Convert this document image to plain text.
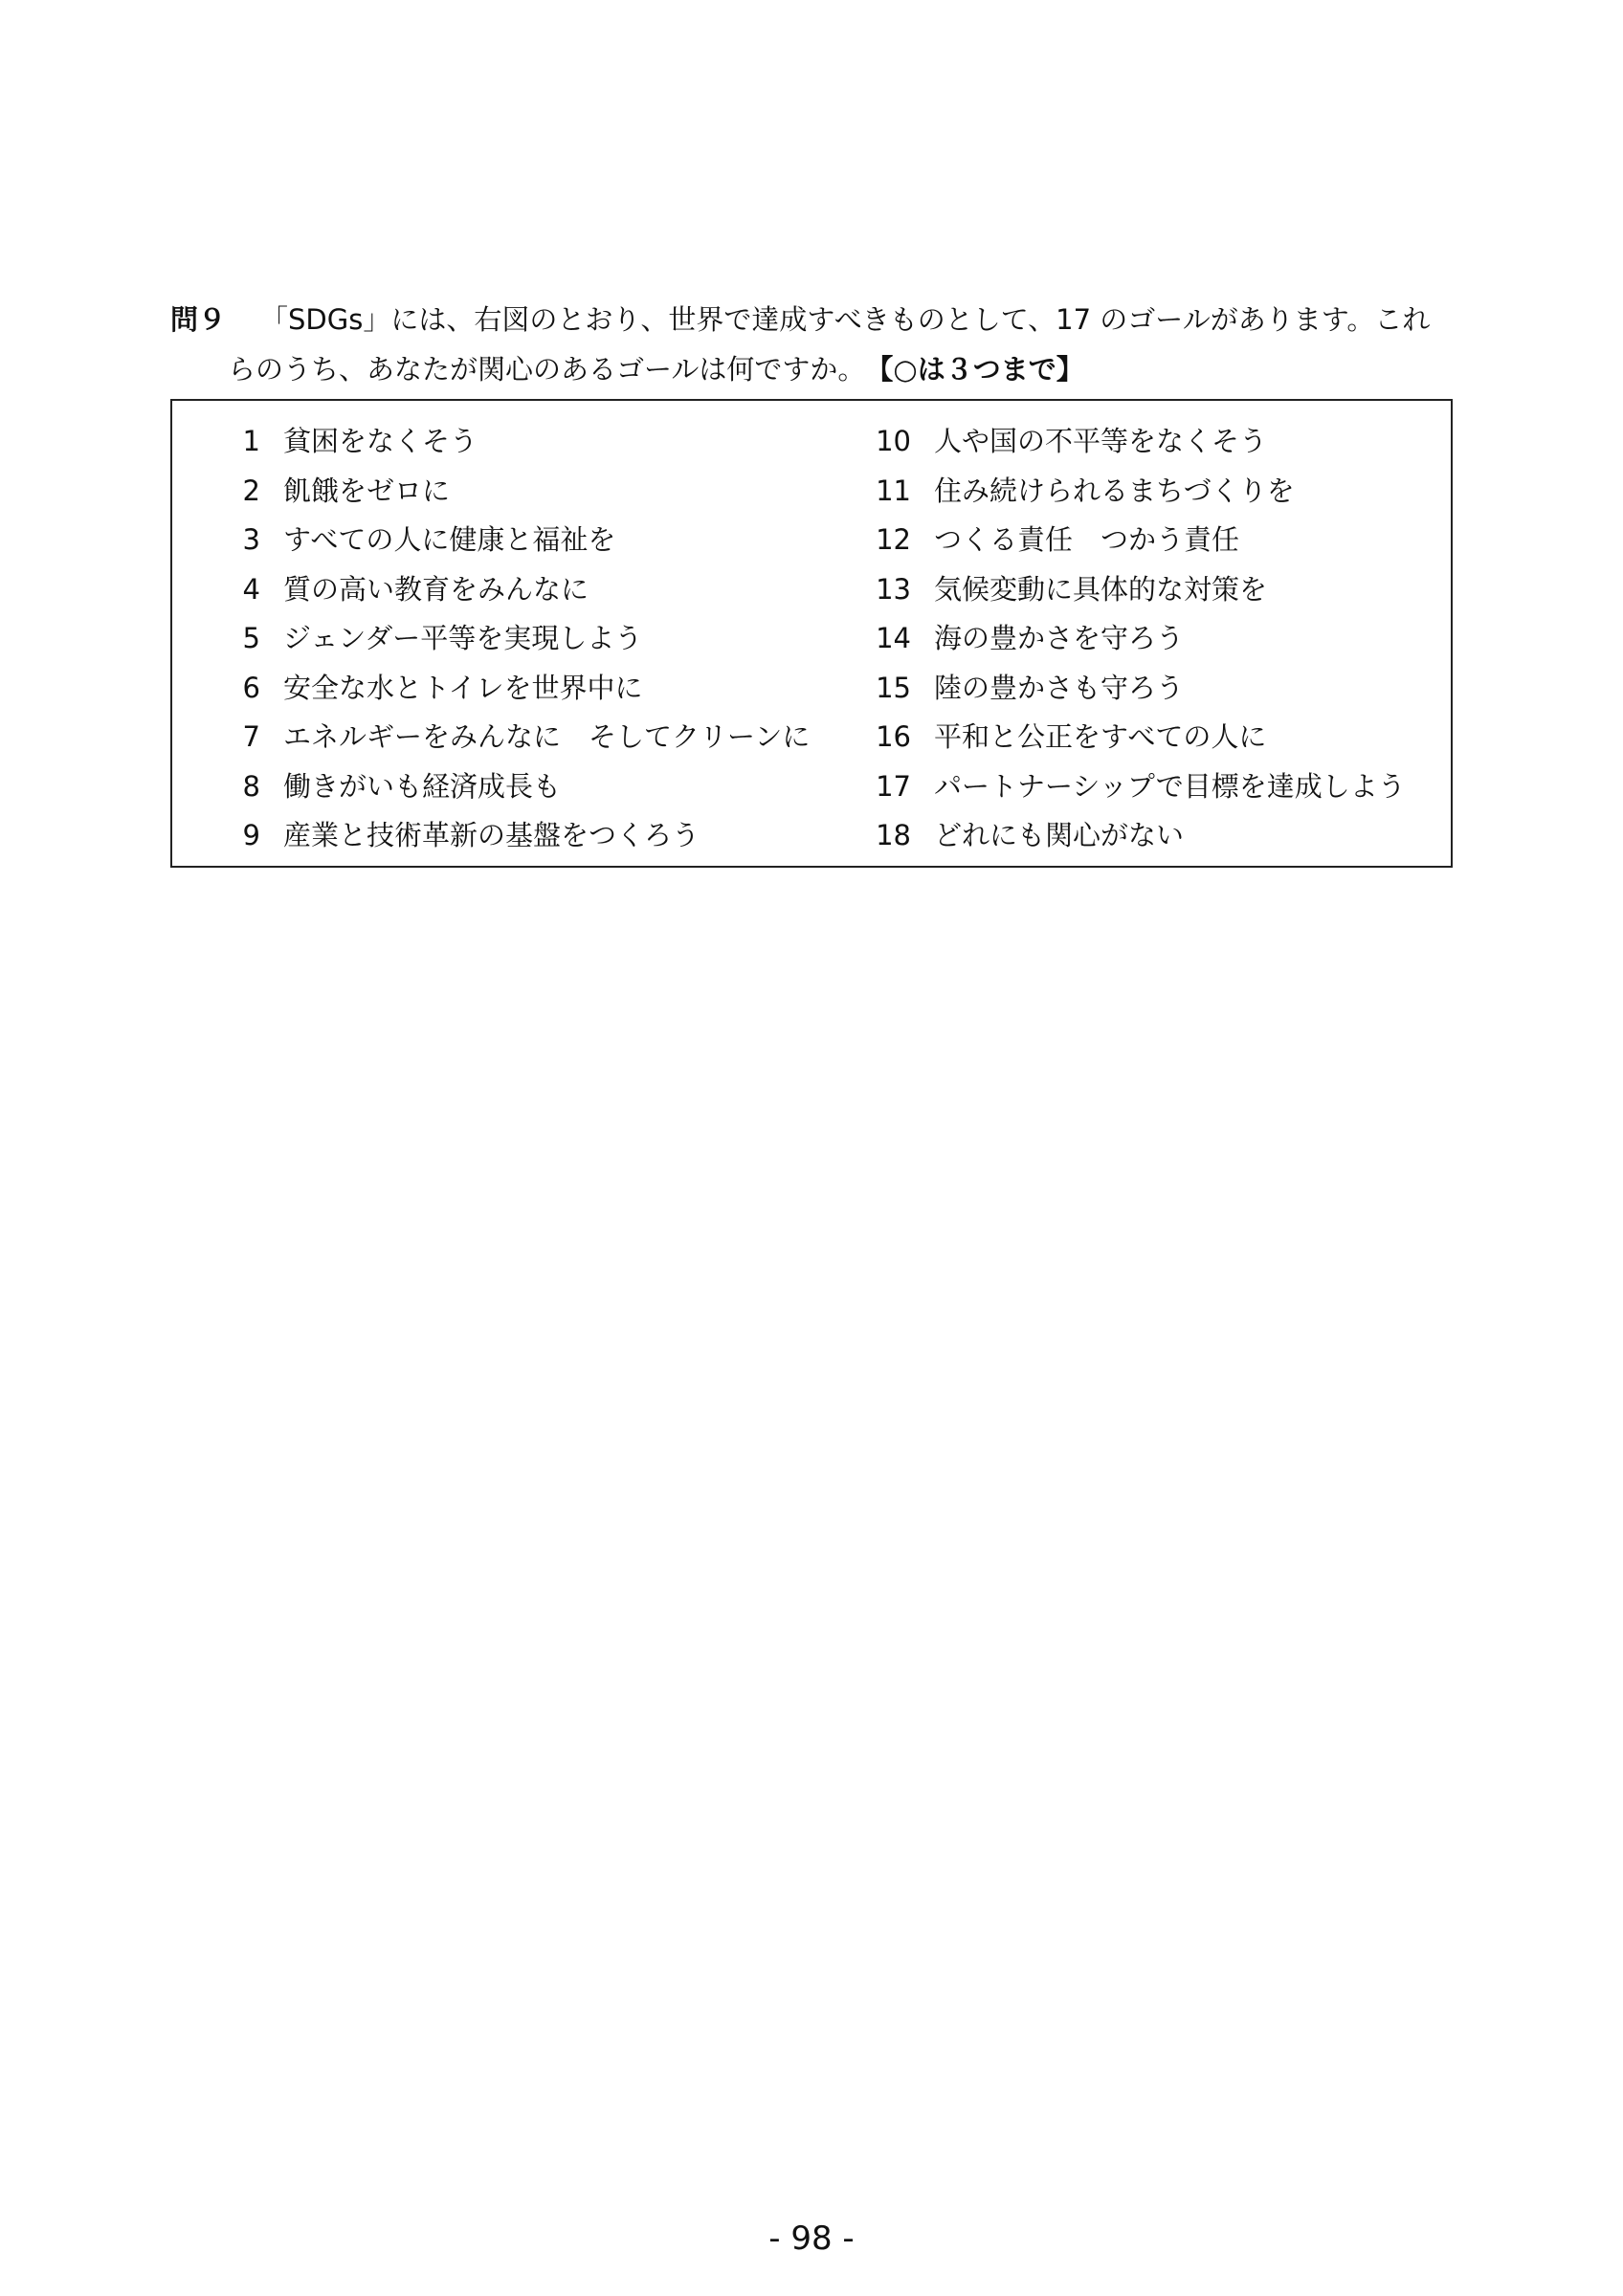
問９	「SDGs」には、右図のとおり、世界で達成すべきものとして、17 のゴールがあります。これ
らのうち、あなたが関心のあるゴールは何ですか。 【○は３つまで】
1 貧困をなくそう
2 飢餓をゼロに
3 すべての人に健康と福祉を
4 質の高い教育をみんなに
5 ジェンダー平等を実現しよう
6 安全な水とトイレを世界中に
7 エネルギーをみんなに　そしてクリーンに
8 働きがいも経済成長も
9 産業と技術革新の基盤をつくろう
10 人や国の不平等をなくそう
11 住み続けられるまちづくりを
12 つくる責任　つかう責任
13 気候変動に具体的な対策を
14 海の豊かさを守ろう
15 陸の豊かさも守ろう
16 平和と公正をすべての人に
17 パートナーシップで目標を達成しよう
18 どれにも関心がない
- 98 -
